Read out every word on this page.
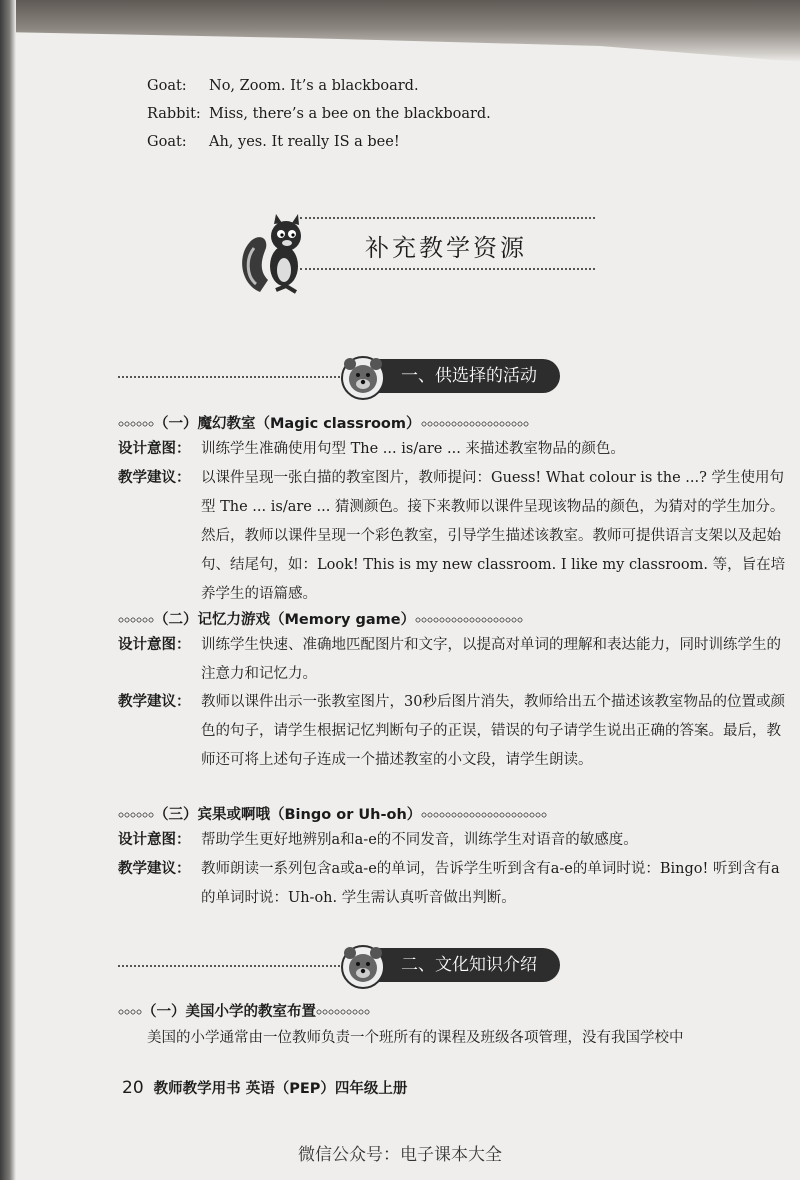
Goat: No, Zoom. It’s a blackboard.
Rabbit: Miss, there’s a bee on the blackboard.
Goat: Ah, yes. It really IS a bee!
补充教学资源
一、供选择的活动
（一）魔幻教室（Magic classroom）
设计意图： 训练学生准确使用句型 The ... is/are ... 来描述教室物品的颜色。
教学建议： 以课件呈现一张白描的教室图片，教师提问：Guess! What colour is the ...? 学生使用句型 The ... is/are ... 猜测颜色。接下来教师以课件呈现该物品的颜色，为猜对的学生加分。然后，教师以课件呈现一个彩色教室，引导学生描述该教室。教师可提供语言支架以及起始句、结尾句，如：Look! This is my new classroom. I like my classroom. 等，旨在培养学生的语篇感。
（二）记忆力游戏（Memory game）
设计意图： 训练学生快速、准确地匹配图片和文字，以提高对单词的理解和表达能力，同时训练学生的注意力和记忆力。
教学建议： 教师以课件出示一张教室图片，30秒后图片消失，教师给出五个描述该教室物品的位置或颜色的句子，请学生根据记忆判断句子的正误，错误的句子请学生说出正确的答案。最后，教师还可将上述句子连成一个描述教室的小文段，请学生朗读。
（三）宾果或啊哦（Bingo or Uh-oh）
设计意图： 帮助学生更好地辨别a和a-e的不同发音，训练学生对语音的敏感度。
教学建议： 教师朗读一系列包含a或a-e的单词，告诉学生听到含有a-e的单词时说：Bingo! 听到含有a的单词时说：Uh-oh. 学生需认真听音做出判断。
二、文化知识介绍
（一）美国小学的教室布置
美国的小学通常由一位教师负责一个班所有的课程及班级各项管理，没有我国学校中
20 教师教学用书 英语（PEP）四年级上册
微信公众号：电子课本大全
